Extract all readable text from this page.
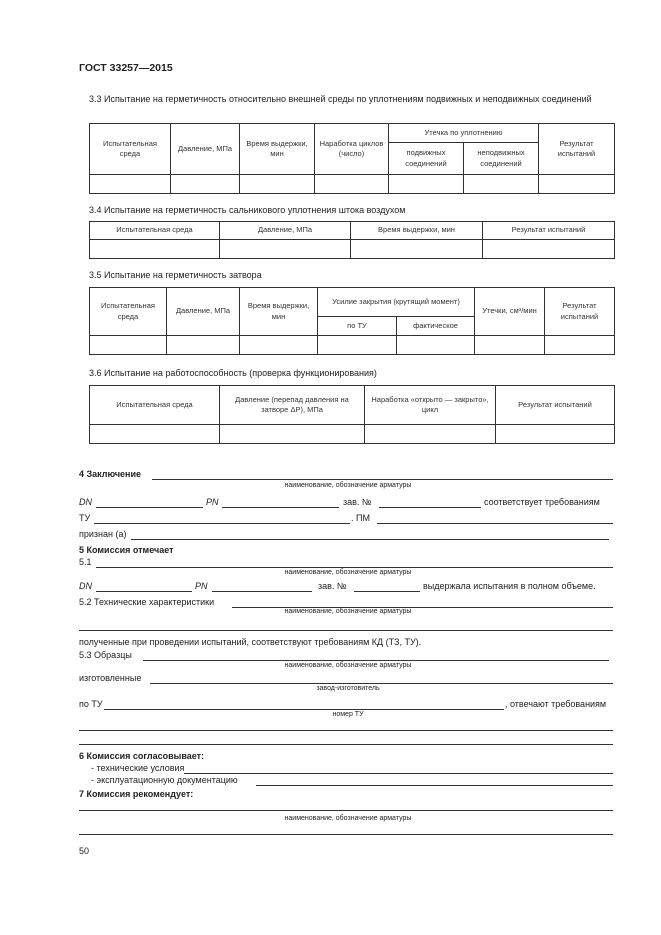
ГОСТ 33257—2015
3.3 Испытание на герметичность относительно внешней среды по уплотнениям подвижных и неподвижных соединений
Испытательная среда	Давление, МПа	Время выдержки, мин	Наработка циклов (число)	Утечка по уплотнению		Результат испытаний
				подвижных соединений	неподвижных соединений	

3.4 Испытание на герметичность сальникового уплотнения штока воздухом
Испытательная среда	Давление, МПа	Время выдержки, мин	Результат испытаний

3.5 Испытание на герметичность затвора
Испытательная среда	Давление, МПа	Время выдержки, мин	Усилие закрытия (крутящий момент)		Утечки, см³/мин	Результат испытаний
			по ТУ	фактическое		

3.6 Испытание на работоспособность (проверка функционирования)
Испытательная среда	Давление (перепад давления на затворе ΔP), МПа	Наработка «открыто — закрыто», цикл	Результат испытаний

4 Заключение
наименование, обозначение арматуры
DN	PN	зав. №	соответствует требованиям
ТУ	. ПМ
признан (а)
5 Комиссия отмечает
5.1
наименование, обозначение арматуры
DN	PN	зав. №	выдержала испытания в полном объеме.
5.2 Технические характеристики
наименование, обозначение арматуры
полученные при проведении испытаний, соответствуют требованиям КД (ТЗ, ТУ).
5.3 Образцы
наименование, обозначение арматуры
изготовленные
завод-изготовитель
по ТУ	, отвечают требованиям
номер ТУ
6 Комиссия согласовывает:
- технические условия
- эксплуатационную документацию
7 Комиссия рекомендует:
наименование, обозначение арматуры
50
